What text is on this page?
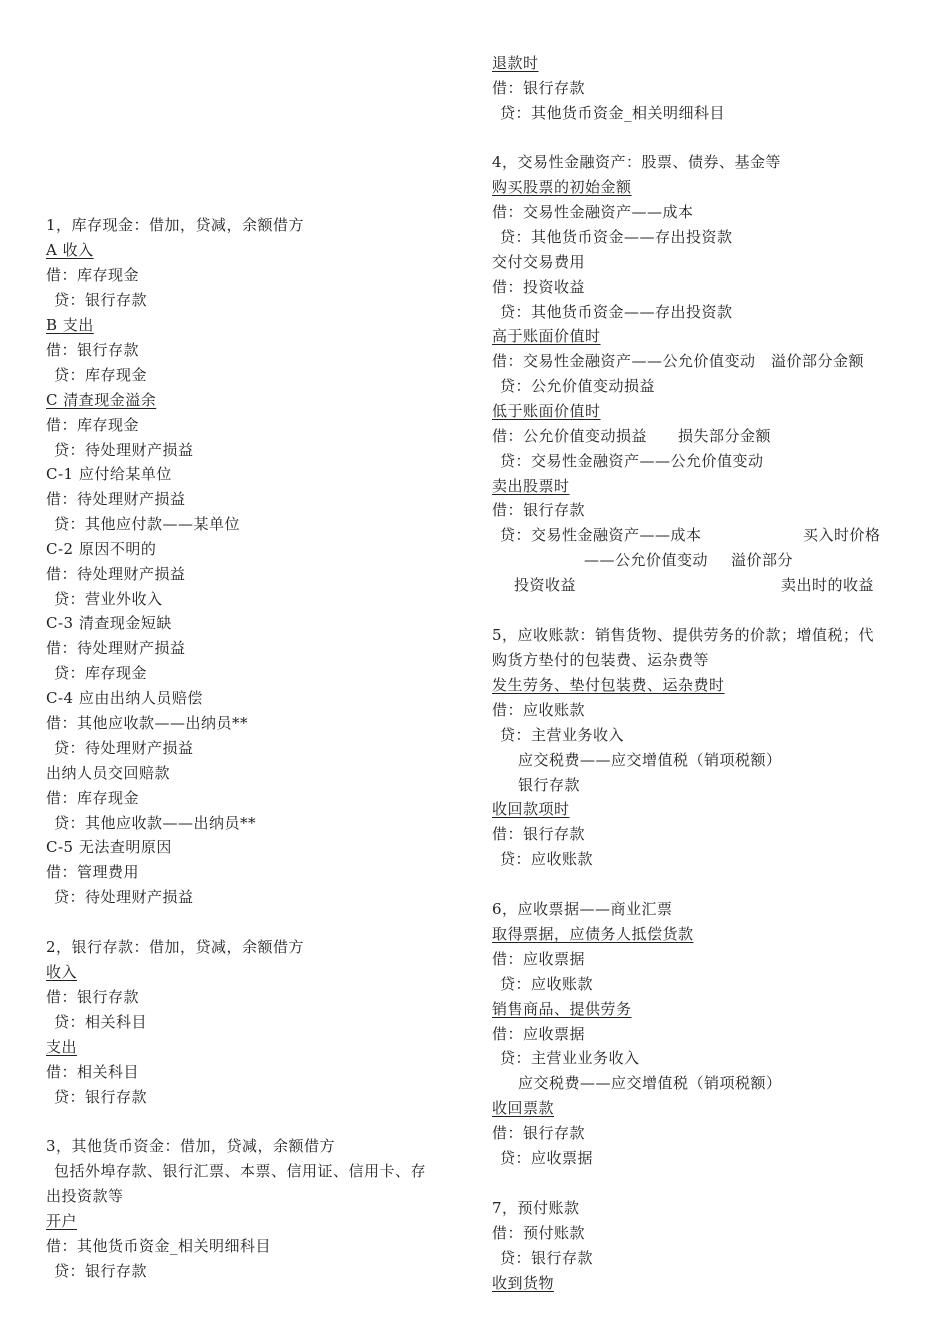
1，库存现金：借加，贷减，余额借方
A 收入
借：库存现金
贷：银行存款
B 支出
借：银行存款
贷：库存现金
C 清查现金溢余
借：库存现金
贷：待处理财产损益
C-1 应付给某单位
借：待处理财产损益
贷：其他应付款——某单位
C-2 原因不明的
借：待处理财产损益
贷：营业外收入
C-3 清查现金短缺
借：待处理财产损益
贷：库存现金
C-4 应由出纳人员赔偿
借：其他应收款——出纳员**
贷：待处理财产损益
出纳人员交回赔款
借：库存现金
贷：其他应收款——出纳员**
C-5 无法查明原因
借：管理费用
贷：待处理财产损益
2，银行存款：借加，贷减，余额借方
收入
借：银行存款
贷：相关科目
支出
借：相关科目
贷：银行存款
3，其他货币资金：借加，贷减，余额借方
包括外埠存款、银行汇票、本票、信用证、信用卡、存
出投资款等
开户
借：其他货币资金_相关明细科目
贷：银行存款
贷：交易性金融资产——成本	买入时价格
——公允价值变动 溢价部分
投资收益	卖出时的收益
退款时
借：银行存款
贷：其他货币资金_相关明细科目
4，交易性金融资产：股票、债券、基金等
购买股票的初始金额
借：交易性金融资产——成本
贷：其他货币资金——存出投资款
交付交易费用
借：投资收益
贷：其他货币资金——存出投资款
高于账面价值时
借：交易性金融资产——公允价值变动　溢价部分金额
贷：公允价值变动损益
低于账面价值时
借：公允价值变动损益　　损失部分金额
贷：交易性金融资产——公允价值变动
卖出股票时
借：银行存款
5，应收账款：销售货物、提供劳务的价款；增值税；代
购货方垫付的包装费、运杂费等
发生劳务、垫付包装费、运杂费时
借：应收账款
贷：主营业务收入
应交税费——应交增值税（销项税额）
银行存款
收回款项时
借：银行存款
贷：应收账款
6，应收票据——商业汇票
取得票据，应债务人抵偿货款
借：应收票据
贷：应收账款
销售商品、提供劳务
借：应收票据
贷：主营业业务收入
应交税费——应交增值税（销项税额）
收回票款
借：银行存款
贷：应收票据
7，预付账款
借：预付账款
贷：银行存款
收到货物
